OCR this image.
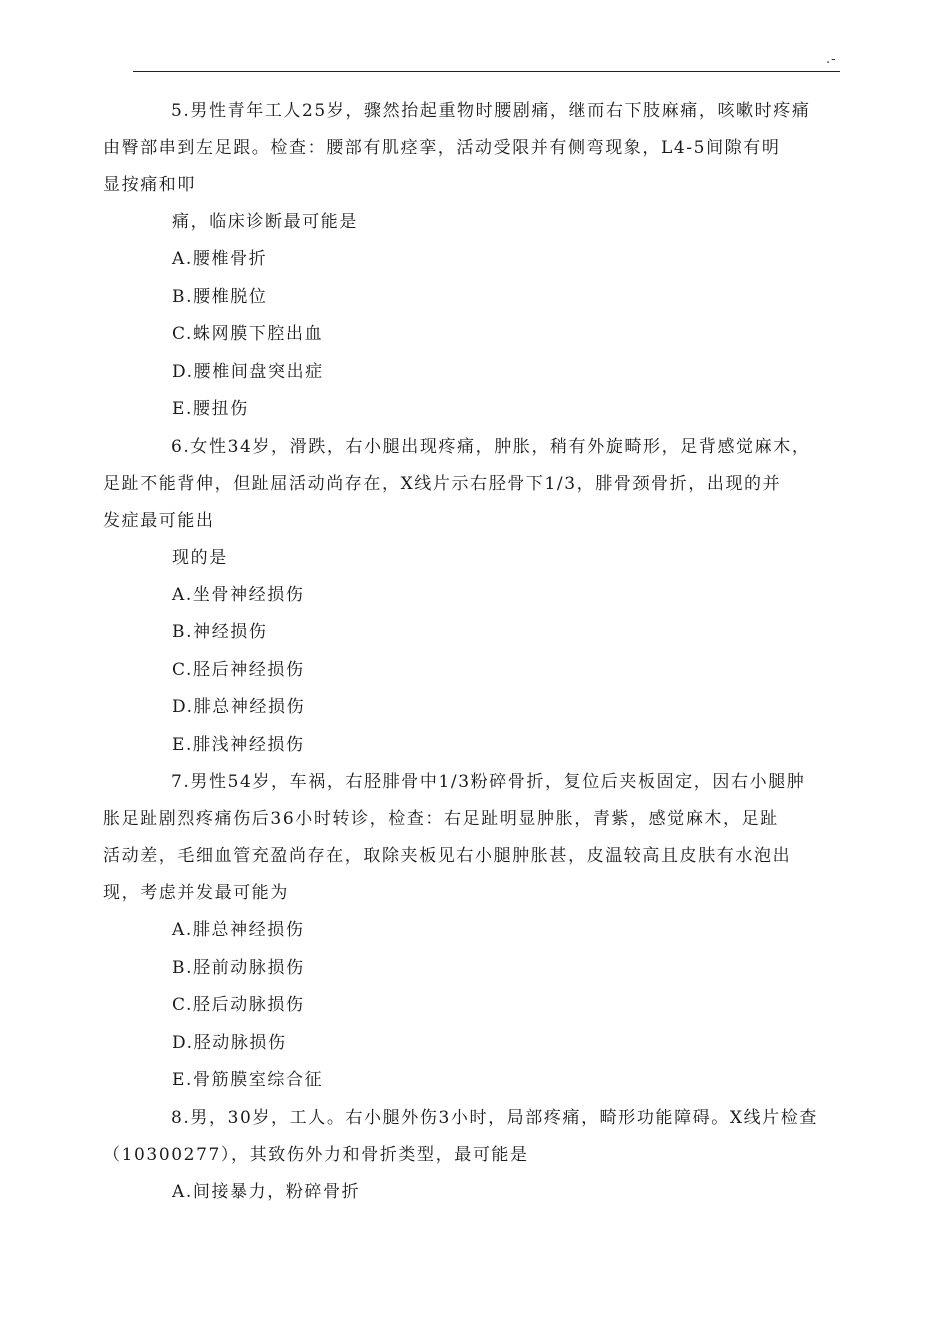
.-
5.男性青年工人25岁，骤然抬起重物时腰剧痛，继而右下肢麻痛，咳嗽时疼痛
由臀部串到左足跟。检查：腰部有肌痉挛，活动受限并有侧弯现象，L4-5间隙有明
显按痛和叩
痛，临床诊断最可能是
A.腰椎骨折
B.腰椎脱位
C.蛛网膜下腔出血
D.腰椎间盘突出症
E.腰扭伤
6.女性34岁，滑跌，右小腿出现疼痛，肿胀，稍有外旋畸形，足背感觉麻木，
足趾不能背伸，但趾屈活动尚存在，X线片示右胫骨下1/3，腓骨颈骨折，出现的并
发症最可能出
现的是
A.坐骨神经损伤
B.神经损伤
C.胫后神经损伤
D.腓总神经损伤
E.腓浅神经损伤
7.男性54岁，车祸，右胫腓骨中1/3粉碎骨折，复位后夹板固定，因右小腿肿
胀足趾剧烈疼痛伤后36小时转诊，检查：右足趾明显肿胀，青紫，感觉麻木，足趾
活动差，毛细血管充盈尚存在，取除夹板见右小腿肿胀甚，皮温较高且皮肤有水泡出
现，考虑并发最可能为
A.腓总神经损伤
B.胫前动脉损伤
C.胫后动脉损伤
D.胫动脉损伤
E.骨筋膜室综合征
8.男，30岁，工人。右小腿外伤3小时，局部疼痛，畸形功能障碍。X线片检查
（10300277），其致伤外力和骨折类型，最可能是
A.间接暴力，粉碎骨折
